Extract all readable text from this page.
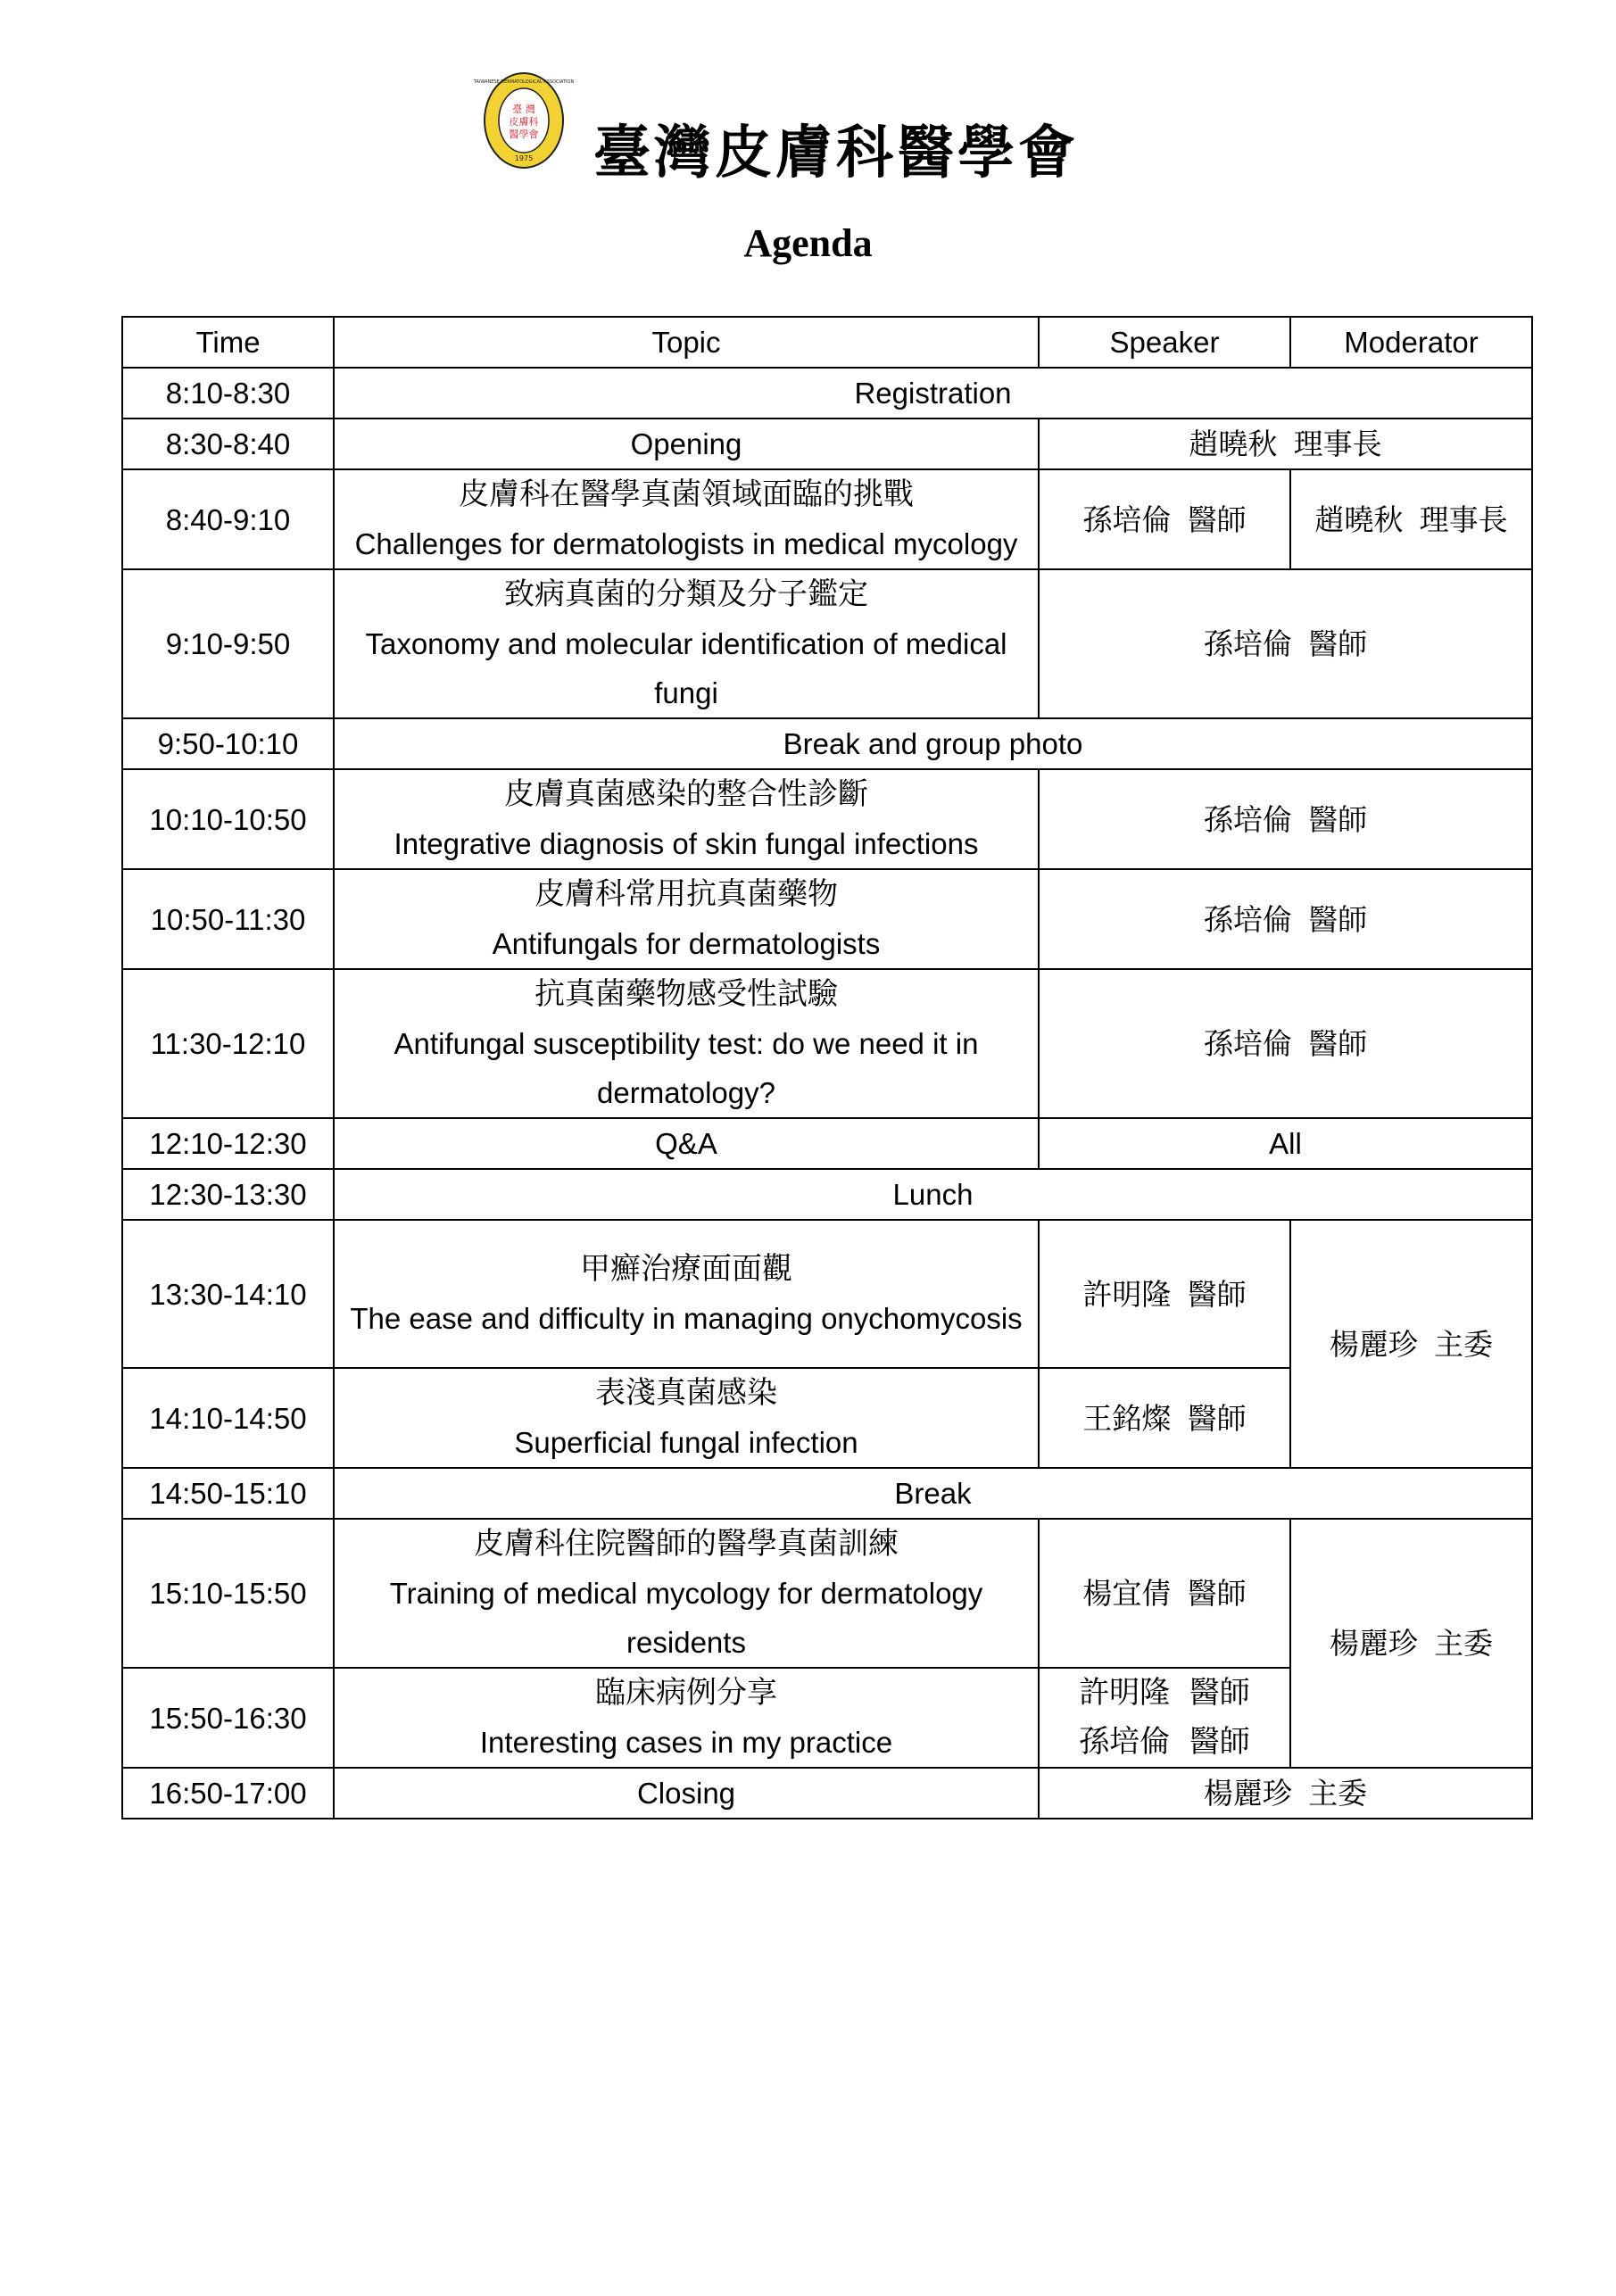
臺 灣
皮膚科
醫學會
1975
TAIWANESE DERMATOLOGICAL ASSOCIATION
臺灣皮膚科醫學會
Agenda
Time	Topic	Speaker	Moderator
8:10-8:30	Registration		

8:30-8:40	Opening	趙曉秋  理事長	
8:40-9:10	皮膚科在醫學真菌領域面臨的挑戰
Challenges for dermatologists in medical mycology	孫培倫  醫師	趙曉秋  理事長
9:10-9:50	致病真菌的分類及分子鑑定
Taxonomy and molecular identification of medical fungi	孫培倫  醫師	
9:50-10:10	Break and group photo		

10:10-10:50	皮膚真菌感染的整合性診斷
Integrative diagnosis of skin fungal infections	孫培倫  醫師	
10:50-11:30	皮膚科常用抗真菌藥物
Antifungals for dermatologists	孫培倫  醫師	
11:30-12:10	抗真菌藥物感受性試驗
Antifungal susceptibility test: do we need it in dermatology?	孫培倫  醫師	
12:10-12:30	Q&A	All	
12:30-13:30	Lunch		

13:30-14:10	甲癬治療面面觀
The ease and difficulty in managing onychomycosis	許明隆  醫師	楊麗珍  主委
14:10-14:50	表淺真菌感染
Superficial fungal infection	王銘燦  醫師	
14:50-15:10	Break		

15:10-15:50	皮膚科住院醫師的醫學真菌訓練
Training of medical mycology for dermatology residents	楊宜倩  醫師	楊麗珍  主委
15:50-16:30	臨床病例分享
Interesting cases in my practice	許明隆  醫師
孫培倫  醫師	

16:50-17:00	Closing	楊麗珍  主委	
